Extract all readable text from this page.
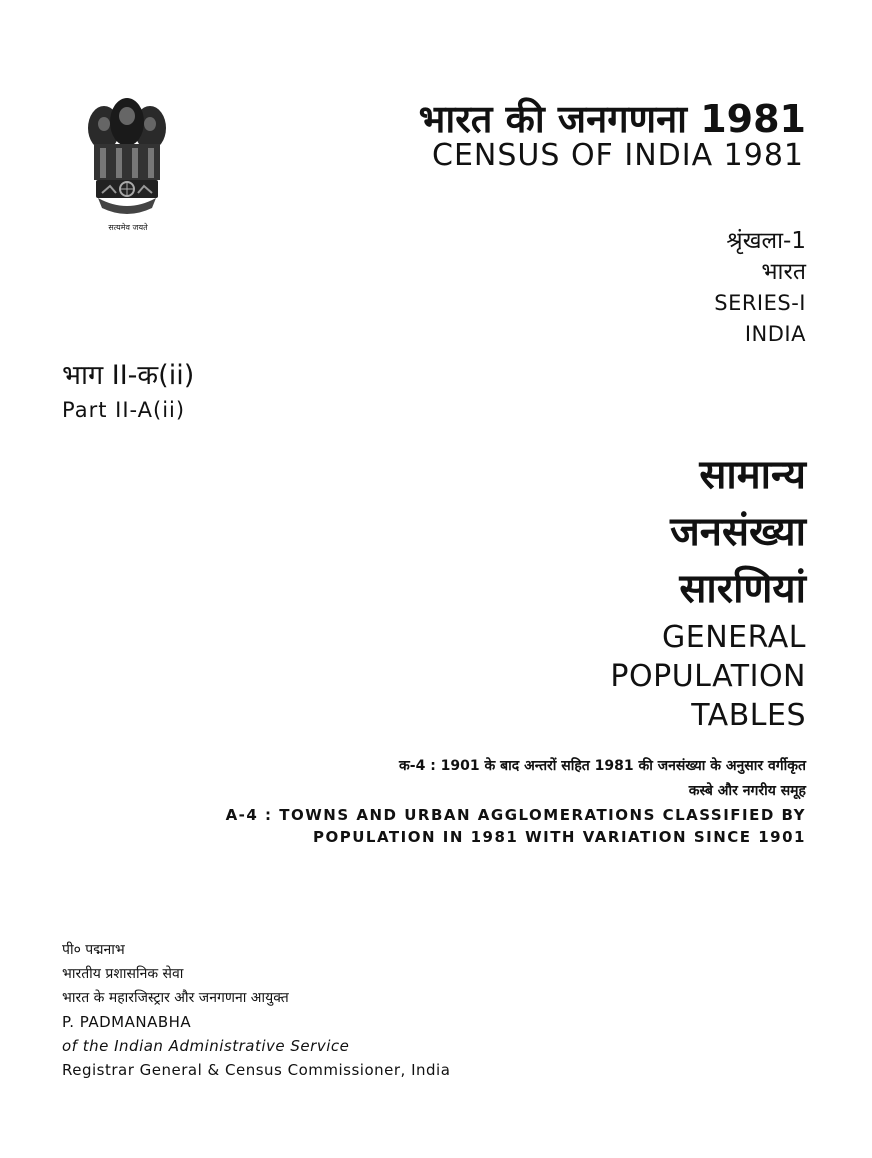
सत्यमेव जयते
भारत की जनगणना 1981
CENSUS OF INDIA 1981
श्रृंखला-1
भारत
SERIES-I
INDIA
भाग II-क(ii)
Part II-A(ii)
सामान्य
जनसंख्या
सारणियां
GENERAL
POPULATION
TABLES
क-4 : 1901 के बाद अन्तरों सहित 1981 की जनसंख्या के अनुसार वर्गीकृत
कस्बे और नगरीय समूह
A-4 : TOWNS AND URBAN AGGLOMERATIONS CLASSIFIED BY
POPULATION IN 1981 WITH VARIATION SINCE 1901
पी० पद्मनाभ
भारतीय प्रशासनिक सेवा
भारत के महारजिस्ट्रार और जनगणना आयुक्त
P. PADMANABHA
of the Indian Administrative Service
Registrar General & Census Commissioner, India
